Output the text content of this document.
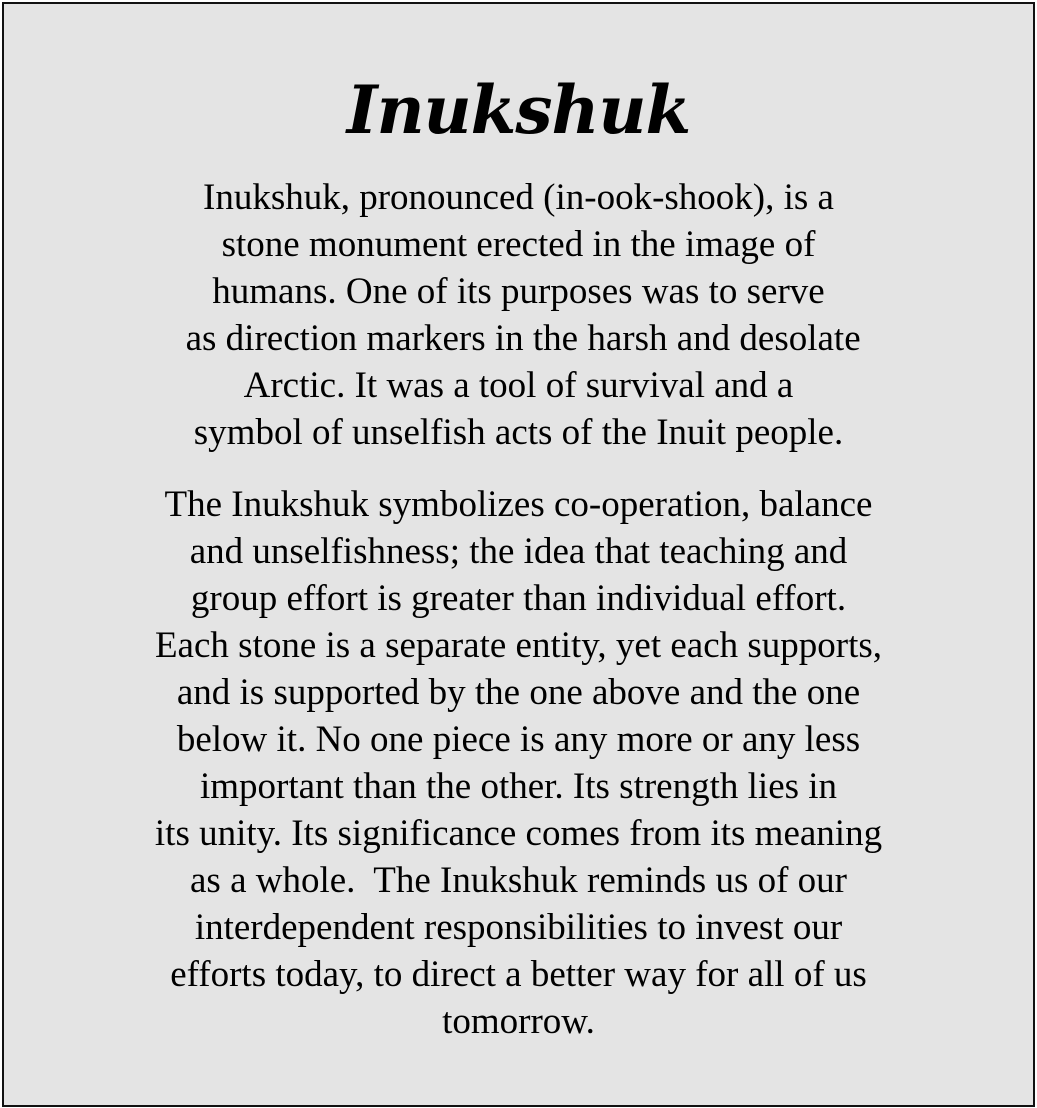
Inukshuk
Inukshuk, pronounced (in-ook-shook), is a
stone monument erected in the image of
humans. One of its purposes was to serve
as direction markers in the harsh and desolate
Arctic. It was a tool of survival and a
symbol of unselfish acts of the Inuit people.
The Inukshuk symbolizes co-operation, balance
and unselfishness; the idea that teaching and
group effort is greater than individual effort.
Each stone is a separate entity, yet each supports,
and is supported by the one above and the one
below it. No one piece is any more or any less
important than the other. Its strength lies in
its unity. Its significance comes from its meaning
as a whole.  The Inukshuk reminds us of our
interdependent responsibilities to invest our
efforts today, to direct a better way for all of us
tomorrow.
